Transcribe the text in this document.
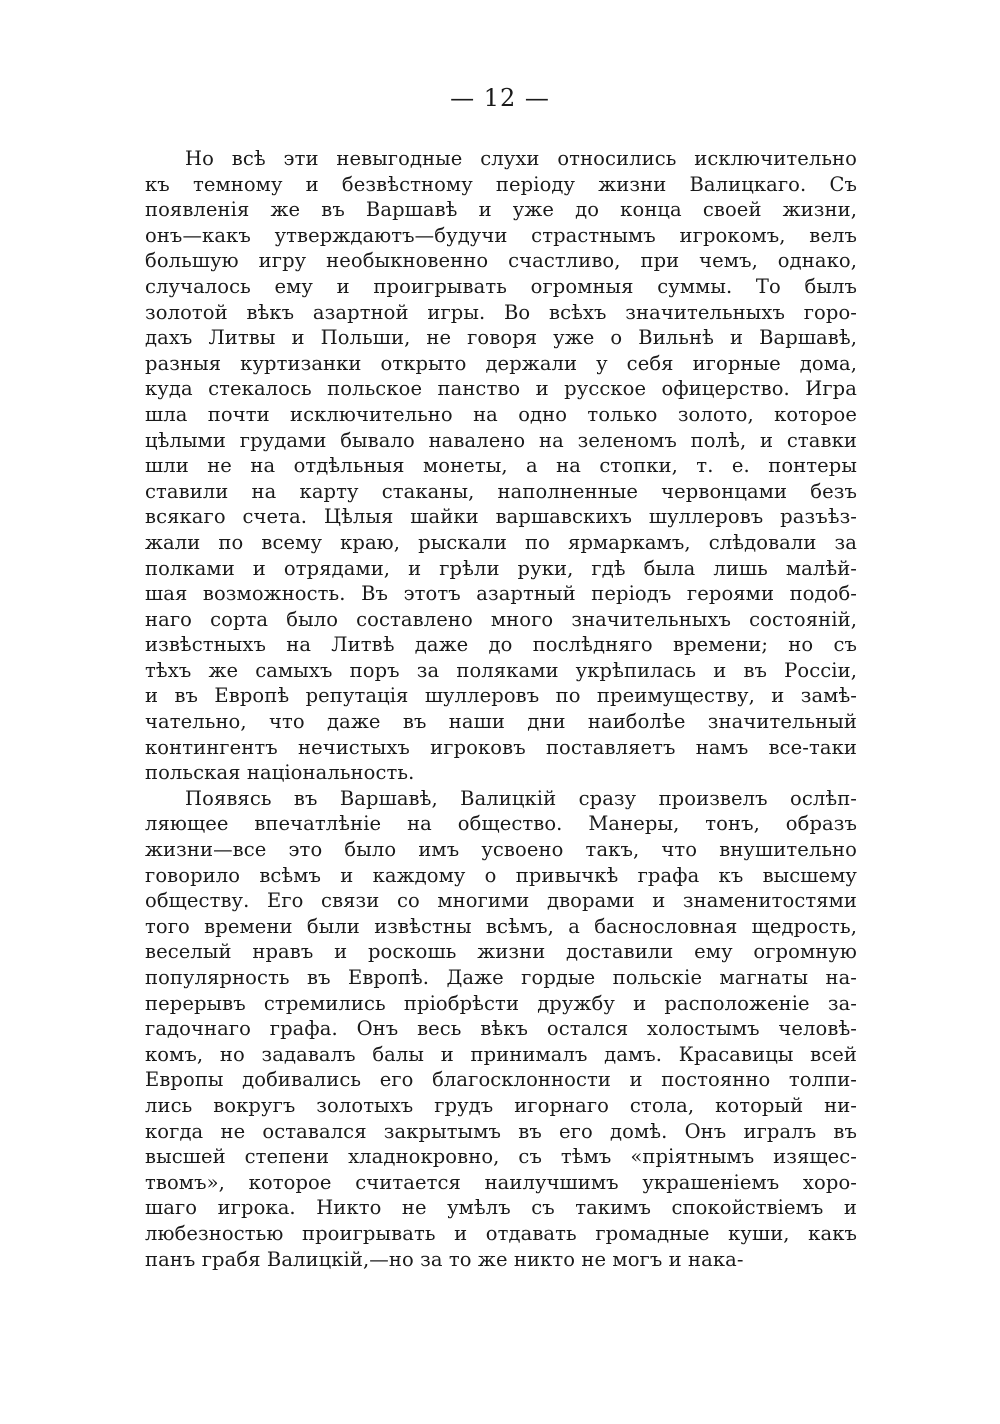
— 12 —
Но всѣ эти невыгодные слухи относились исключительно
къ темному и безвѣстному періоду жизни Валицкаго. Съ
появленія же въ Варшавѣ и уже до конца своей жизни,
онъ—какъ утверждаютъ—будучи страстнымъ игрокомъ, велъ
большую игру необыкновенно счастливо, при чемъ, однако,
случалось ему и проигрывать огромныя суммы. То былъ
золотой вѣкъ азартной игры. Во всѣхъ значительныхъ горо-
дахъ Литвы и Польши, не говоря уже о Вильнѣ и Варшавѣ,
разныя куртизанки открыто держали у себя игорные дома,
куда стекалось польское панство и русское офицерство. Игра
шла почти исключительно на одно только золото, которое
цѣлыми грудами бывало навалено на зеленомъ полѣ, и ставки
шли не на отдѣльныя монеты, а на стопки, т. е. понтеры
ставили на карту стаканы, наполненные червонцами безъ
всякаго счета. Цѣлыя шайки варшавскихъ шуллеровъ разъѣз-
жали по всему краю, рыскали по ярмаркамъ, слѣдовали за
полками и отрядами, и грѣли руки, гдѣ была лишь малѣй-
шая возможность. Въ этотъ азартный періодъ героями подоб-
наго сорта было составлено много значительныхъ состояній,
извѣстныхъ на Литвѣ даже до послѣдняго времени; но съ
тѣхъ же самыхъ поръ за поляками укрѣпилась и въ Россіи,
и въ Европѣ репутація шуллеровъ по преимуществу, и замѣ-
чательно, что даже въ наши дни наиболѣе значительный
контингентъ нечистыхъ игроковъ поставляетъ намъ все-таки
польская національность.
Появясь въ Варшавѣ, Валицкій сразу произвелъ ослѣп-
ляющее впечатлѣніе на общество. Манеры, тонъ, образъ
жизни—все это было имъ усвоено такъ, что внушительно
говорило всѣмъ и каждому о привычкѣ графа къ высшему
обществу. Его связи со многими дворами и знаменитостями
того времени были извѣстны всѣмъ, а баснословная щедрость,
веселый нравъ и роскошь жизни доставили ему огромную
популярность въ Европѣ. Даже гордые польскіе магнаты на-
перерывъ стремились пріобрѣсти дружбу и расположеніе за-
гадочнаго графа. Онъ весь вѣкъ остался холостымъ человѣ-
комъ, но задавалъ балы и принималъ дамъ. Красавицы всей
Европы добивались его благосклонности и постоянно толпи-
лись вокругъ золотыхъ грудъ игорнаго стола, который ни-
когда не оставался закрытымъ въ его домѣ. Онъ игралъ въ
высшей степени хладнокровно, съ тѣмъ «пріятнымъ изящес-
твомъ», которое считается наилучшимъ украшеніемъ хоро-
шаго игрока. Никто не умѣлъ съ такимъ спокойствіемъ и
любезностью проигрывать и отдавать громадные куши, какъ
панъ грабя Валицкій,—но за то же никто не могъ и нака-
